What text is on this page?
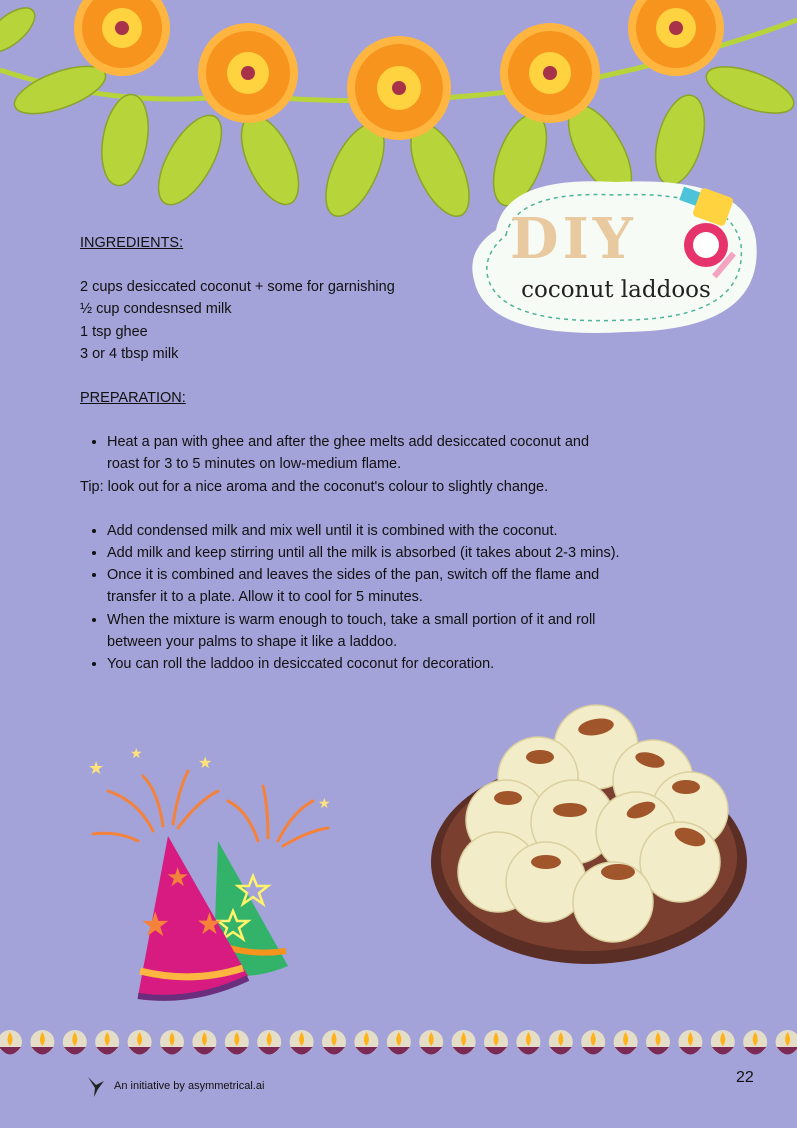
DIY
coconut laddoos

INGREDIENTS:

2 cups desiccated coconut + some for garnishing
½ cup condesnsed milk
1 tsp ghee
3 or 4 tbsp milk

PREPARATION:

• Heat a pan with ghee and after the ghee melts add desiccated coconut and roast for 3 to 5 minutes on low-medium flame.

Tip: look out for a nice aroma and the coconut's colour to slightly change.

• Add condensed milk and mix well until it is combined with the coconut.
• Add milk and keep stirring until all the milk is absorbed (it takes about 2-3 mins).
• Once it is combined and leaves the sides of the pan, switch off the flame and transfer it to a plate. Allow it to cool for 5 minutes.
• When the mixture is warm enough to touch, take a small portion of it and roll between your palms to shape it like a laddoo.
• You can roll the laddoo in desiccated coconut for decoration.
★
★
★
★
★
★ ★
An initiative by asymmetrical.ai	22
